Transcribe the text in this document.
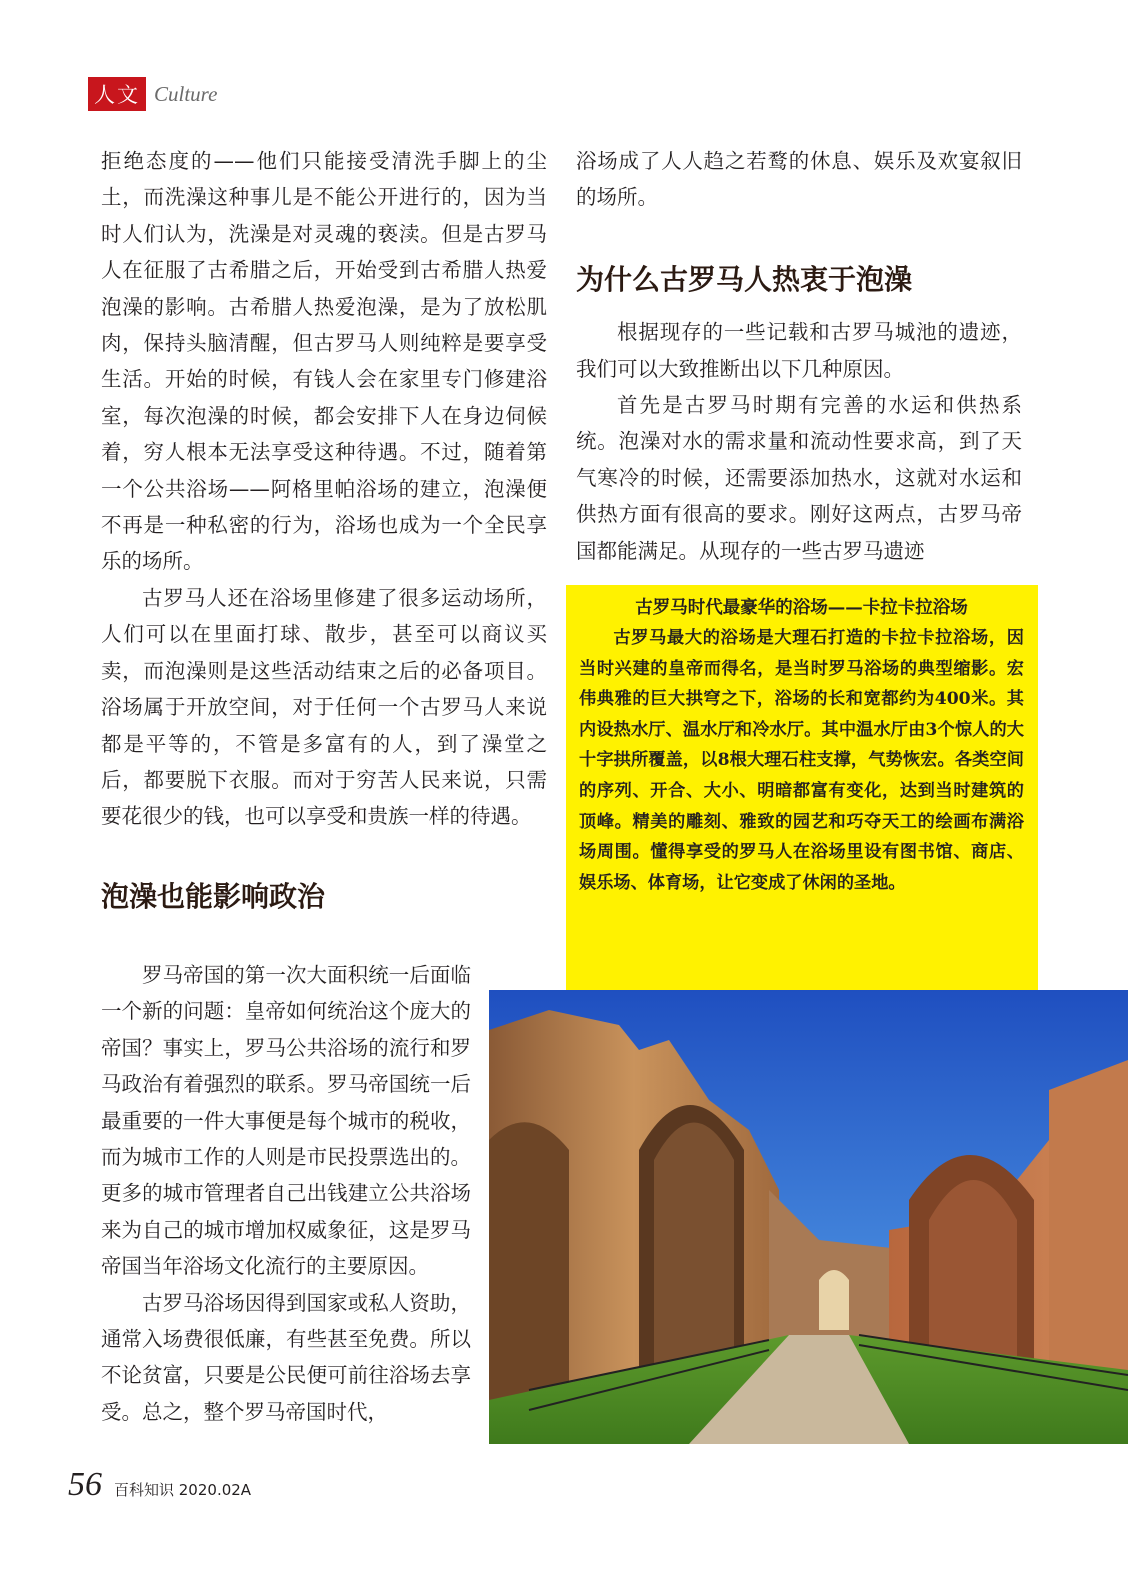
人文 Culture

拒绝态度的——他们只能接受清洗手脚上的尘土，而洗澡这种事儿是不能公开进行的，因为当时人们认为，洗澡是对灵魂的亵渎。但是古罗马人在征服了古希腊之后，开始受到古希腊人热爱泡澡的影响。古希腊人热爱泡澡，是为了放松肌肉，保持头脑清醒，但古罗马人则纯粹是要享受生活。开始的时候，有钱人会在家里专门修建浴室，每次泡澡的时候，都会安排下人在身边伺候着，穷人根本无法享受这种待遇。不过，随着第一个公共浴场——阿格里帕浴场的建立，泡澡便不再是一种私密的行为，浴场也成为一个全民享乐的场所。

古罗马人还在浴场里修建了很多运动场所，人们可以在里面打球、散步，甚至可以商议买卖，而泡澡则是这些活动结束之后的必备项目。浴场属于开放空间，对于任何一个古罗马人来说都是平等的，不管是多富有的人，到了澡堂之后，都要脱下衣服。而对于穷苦人民来说，只需要花很少的钱，也可以享受和贵族一样的待遇。

泡澡也能影响政治

罗马帝国的第一次大面积统一后面临一个新的问题：皇帝如何统治这个庞大的帝国？事实上，罗马公共浴场的流行和罗马政治有着强烈的联系。罗马帝国统一后最重要的一件大事便是每个城市的税收，而为城市工作的人则是市民投票选出的。更多的城市管理者自己出钱建立公共浴场来为自己的城市增加权威象征，这是罗马帝国当年浴场文化流行的主要原因。

古罗马浴场因得到国家或私人资助，通常入场费很低廉，有些甚至免费。所以不论贫富，只要是公民便可前往浴场去享受。总之，整个罗马帝国时代，

浴场成了人人趋之若鹜的休息、娱乐及欢宴叙旧的场所。

为什么古罗马人热衷于泡澡

根据现存的一些记载和古罗马城池的遗迹，我们可以大致推断出以下几种原因。

首先是古罗马时期有完善的水运和供热系统。泡澡对水的需求量和流动性要求高，到了天气寒冷的时候，还需要添加热水，这就对水运和供热方面有很高的要求。刚好这两点，古罗马帝国都能满足。从现存的一些古罗马遗迹

古罗马时代最豪华的浴场——卡拉卡拉浴场

古罗马最大的浴场是大理石打造的卡拉卡拉浴场，因当时兴建的皇帝而得名，是当时罗马浴场的典型缩影。宏伟典雅的巨大拱穹之下，浴场的长和宽都约为400米。其内设热水厅、温水厅和冷水厅。其中温水厅由3个惊人的大十字拱所覆盖，以8根大理石柱支撑，气势恢宏。各类空间的序列、开合、大小、明暗都富有变化，达到当时建筑的顶峰。精美的雕刻、雅致的园艺和巧夺天工的绘画布满浴场周围。懂得享受的罗马人在浴场里设有图书馆、商店、娱乐场、体育场，让它变成了休闲的圣地。

56 百科知识 2020.02A
